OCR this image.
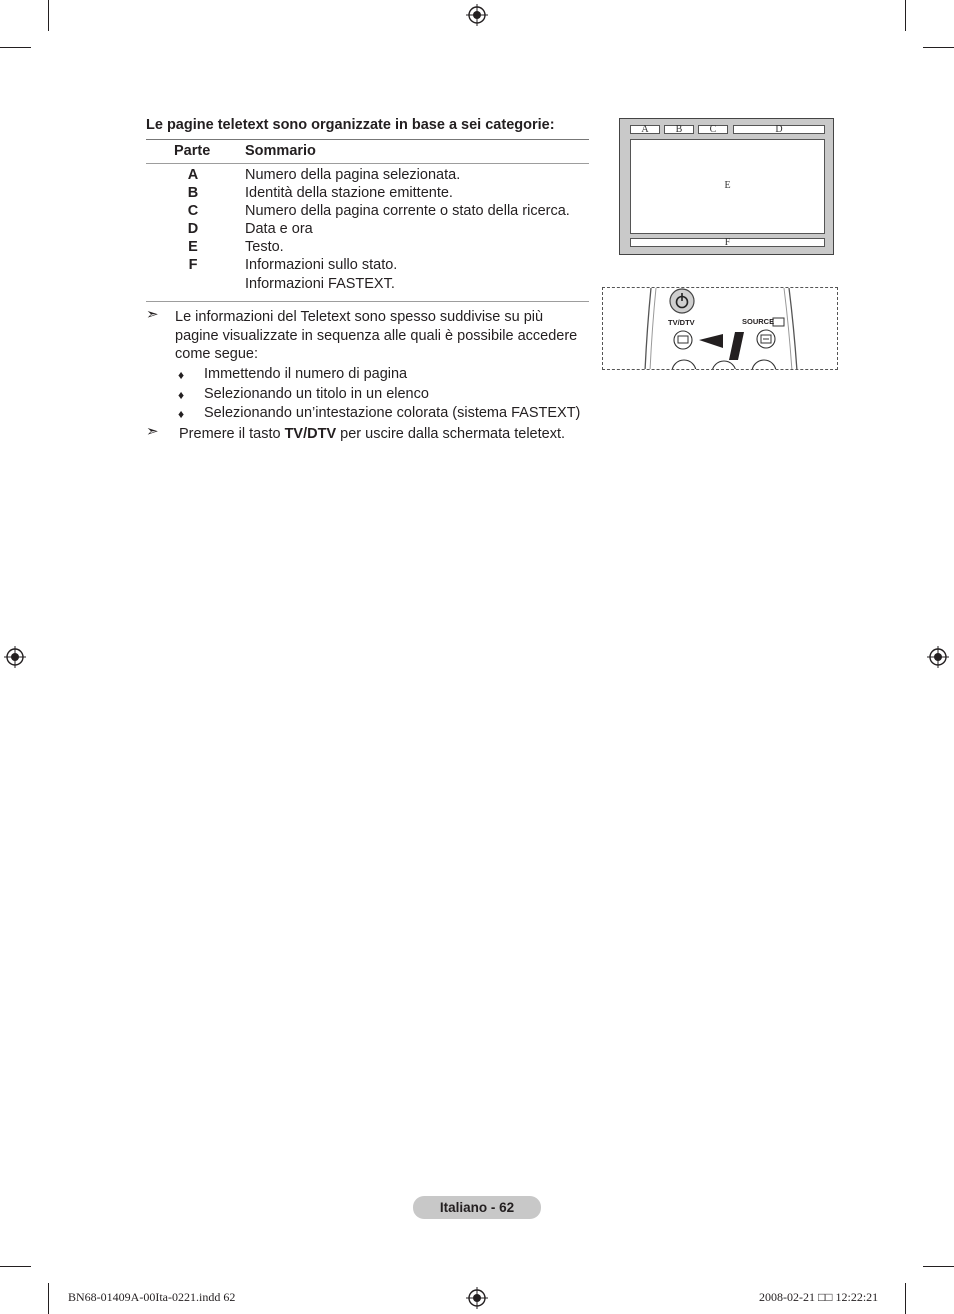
Le pagine teletext sono organizzate in base a sei categorie:
Parte Sommario
A	Numero della pagina selezionata.
B	Identità della stazione emittente.
C	Numero della pagina corrente o stato della ricerca.
D	Data e ora
E	Testo.
F	Informazioni sullo stato.
Informazioni FASTEXT.
➣ Le informazioni del Teletext sono spesso suddivise su più
pagine visualizzate in sequenza alle quali è possibile accedere
come segue:
♦ Immettendo il numero di pagina
♦ Selezionando un titolo in un elenco
♦ Selezionando un’intestazione colorata (sistema FASTEXT)
➣ Premere il tasto TV/DTV per uscire dalla schermata teletext.
A	B	C	D
E
F
TV/DTV	SOURCE
Italiano - 62
BN68-01409A-00Ita-0221.indd 62	2008-02-21 □□ 12:22:21
